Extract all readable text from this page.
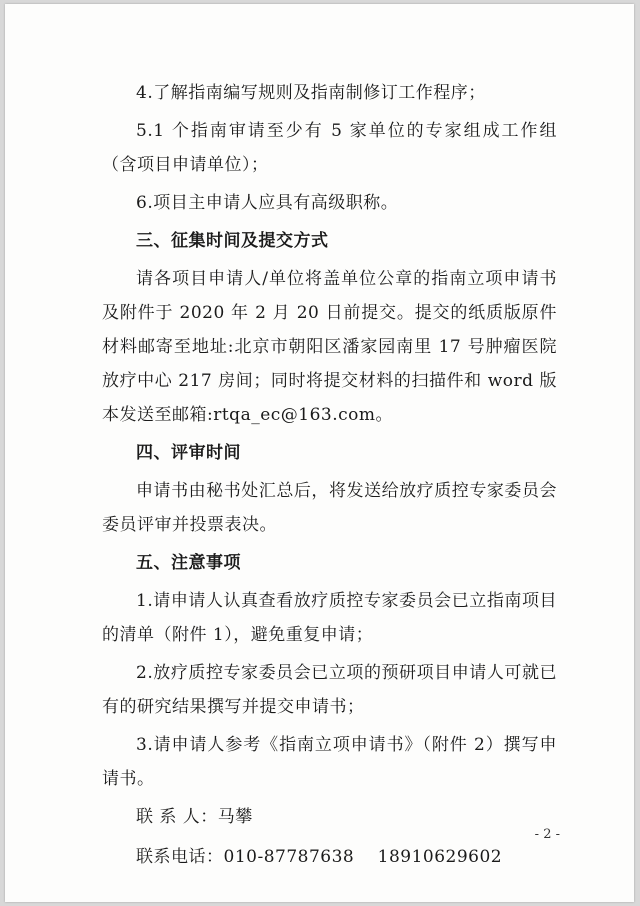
4.了解指南编写规则及指南制修订工作程序；

5.1 个指南审请至少有 5 家单位的专家组成工作组（含项目申请单位）；

6.项目主申请人应具有高级职称。

三、征集时间及提交方式

请各项目申请人/单位将盖单位公章的指南立项申请书及附件于 2020 年 2 月 20 日前提交。提交的纸质版原件材料邮寄至地址:北京市朝阳区潘家园南里 17 号肿瘤医院放疗中心 217 房间；同时将提交材料的扫描件和 word 版本发送至邮箱:rtqa_ec@163.com。

四、评审时间

申请书由秘书处汇总后，将发送给放疗质控专家委员会委员评审并投票表决。

五、注意事项

1.请申请人认真查看放疗质控专家委员会已立指南项目的清单（附件 1），避免重复申请；

2.放疗质控专家委员会已立项的预研项目申请人可就已有的研究结果撰写并提交申请书；

3.请申请人参考《指南立项申请书》（附件 2）撰写申请书。

联 系 人：马攀

联系电话：010-87787638　 18910629602

- 2 -
